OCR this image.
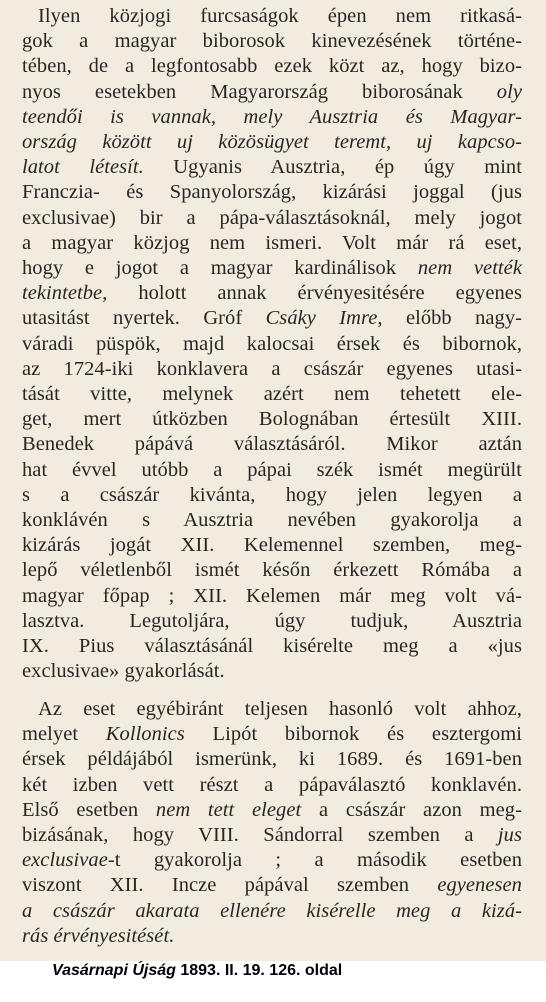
Ilyen közjogi furcsaságok épen nem ritkasá-
gok a magyar biborosok kinevezésének történe-
tében, de a legfontosabb ezek közt az, hogy bizo-
nyos esetekben Magyarország biborosának oly
teendői is vannak, mely Ausztria és Magyar-
ország között uj közösügyet teremt, uj kapcso-
latot létesít. Ugyanis Ausztria, ép úgy mint
Franczia- és Spanyolország, kizárási joggal (jus
exclusivae) bir a pápa-választásoknál, mely jogot
a magyar közjog nem ismeri. Volt már rá eset,
hogy e jogot a magyar kardinálisok nem vették
tekintetbe, holott annak érvényesitésére egyenes
utasitást nyertek. Gróf Csáky Imre, előbb nagy-
váradi püspök, majd kalocsai érsek és bibornok,
az 1724-iki konklavera a császár egyenes utasi-
tását vitte, melynek azért nem tehetett ele-
get, mert útközben Bolognában értesült XIII.
Benedek pápává választásáról. Mikor aztán
hat évvel utóbb a pápai szék ismét megürült
s a császár kivánta, hogy jelen legyen a
konklávén s Ausztria nevében gyakorolja a
kizárás jogát XII. Kelemennel szemben, meg-
lepő véletlenből ismét későn érkezett Rómába a
magyar főpap ; XII. Kelemen már meg volt vá-
lasztva. Legutoljára, úgy tudjuk, Ausztria
IX. Pius választásánál kisérelte meg a «jus
exclusivae» gyakorlását.
Az eset egyébiránt teljesen hasonló volt ahhoz,
melyet Kollonics Lipót bibornok és esztergomi
érsek példájából ismerünk, ki 1689. és 1691-ben
két izben vett részt a pápaválasztó konklavén.
Első esetben nem tett eleget a császár azon meg-
bizásának, hogy VIII. Sándorral szemben a jus
exclusivae-t gyakorolja ; a második esetben
viszont XII. Incze pápával szemben egyenesen
a császár akarata ellenére kisérelle meg a kizá-
rás érvényesitését.
Vasárnapi Újság 1893. II. 19. 126. oldal
